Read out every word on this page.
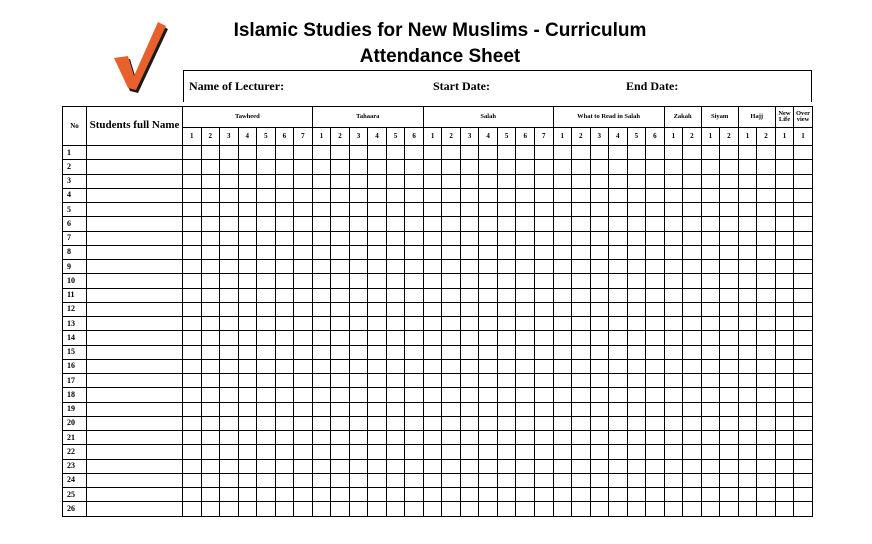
Islamic Studies for New Muslims - Curriculum
Attendance Sheet
Name of Lecturer:	Start Date:	End Date:
No	Students full Name	Tawheed							Tahaara						Salah							What to Read in Salah						Zakah		Siyam		Hajj		New Life	Over view
		1	2	3	4	5	6	7	1	2	3	4	5	6	1	2	3	4	5	6	7	1	2	3	4	5	6	1	2	1	2	1	2	1	1
1																																			
2																																			
3																																			
4																																			
5																																			
6																																			
7																																			
8																																			
9																																			
10																																			
11																																			
12																																			
13																																			
14																																			
15																																			
16																																			
17																																			
18																																			
19																																			
20																																			
21																																			
22																																			
23																																			
24																																			
25																																			
26																																			
